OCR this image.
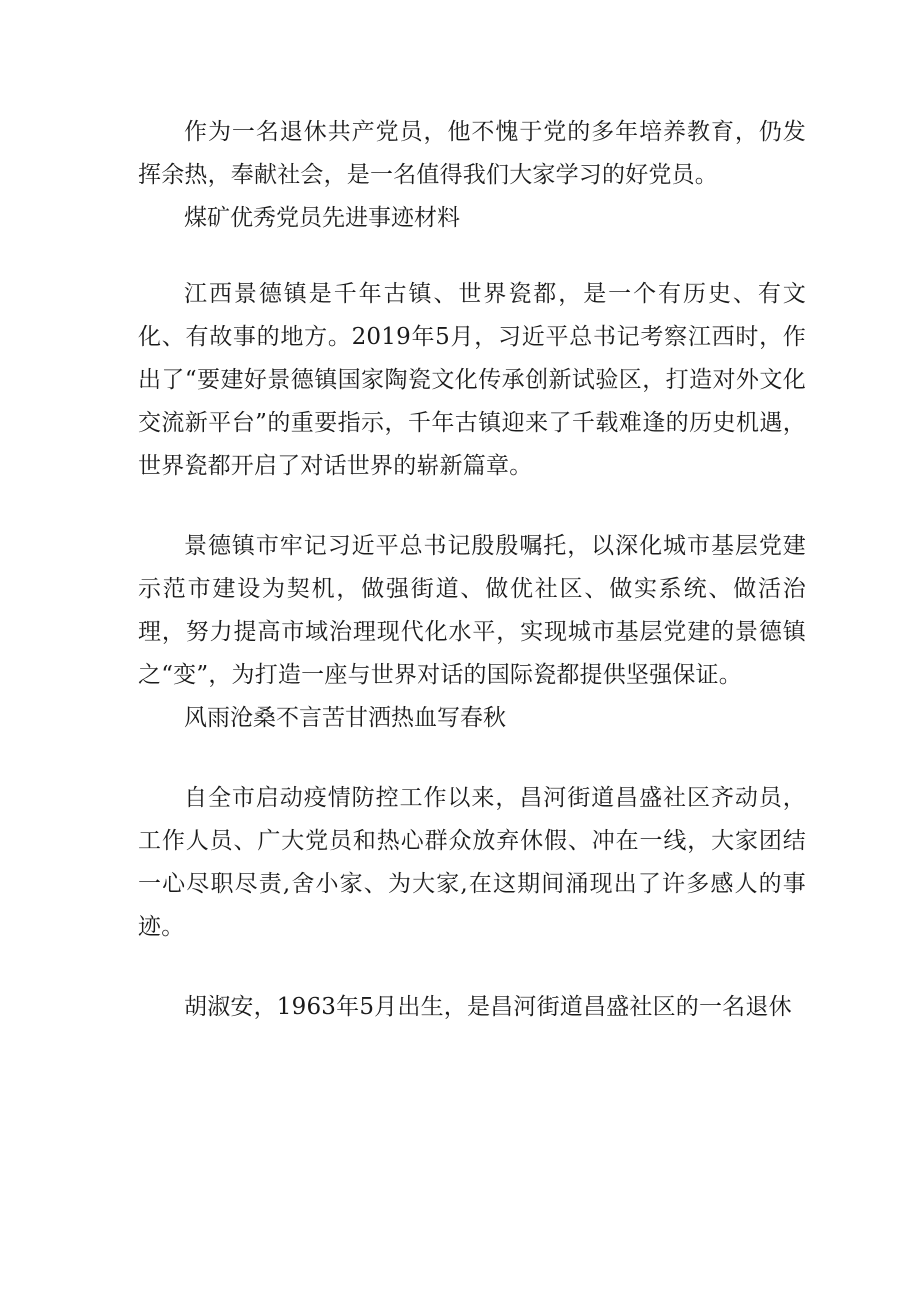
作为一名退休共产党员，他不愧于党的多年培养教育，仍发挥余热，奉献社会，是一名值得我们大家学习的好党员。

煤矿优秀党员先进事迹材料

江西景德镇是千年古镇、世界瓷都，是一个有历史、有文化、有故事的地方。2019年5月，习近平总书记考察江西时，作出了“要建好景德镇国家陶瓷文化传承创新试验区，打造对外文化交流新平台”的重要指示，千年古镇迎来了千载难逢的历史机遇，世界瓷都开启了对话世界的崭新篇章。

景德镇市牢记习近平总书记殷殷嘱托，以深化城市基层党建示范市建设为契机，做强街道、做优社区、做实系统、做活治理，努力提高市域治理现代化水平，实现城市基层党建的景德镇之“变”，为打造一座与世界对话的国际瓷都提供坚强保证。

风雨沧桑不言苦甘洒热血写春秋

自全市启动疫情防控工作以来，昌河街道昌盛社区齐动员，工作人员、广大党员和热心群众放弃休假、冲在一线，大家团结一心尽职尽责,舍小家、为大家,在这期间涌现出了许多感人的事迹。

胡淑安，1963年5月出生，是昌河街道昌盛社区的一名退休
